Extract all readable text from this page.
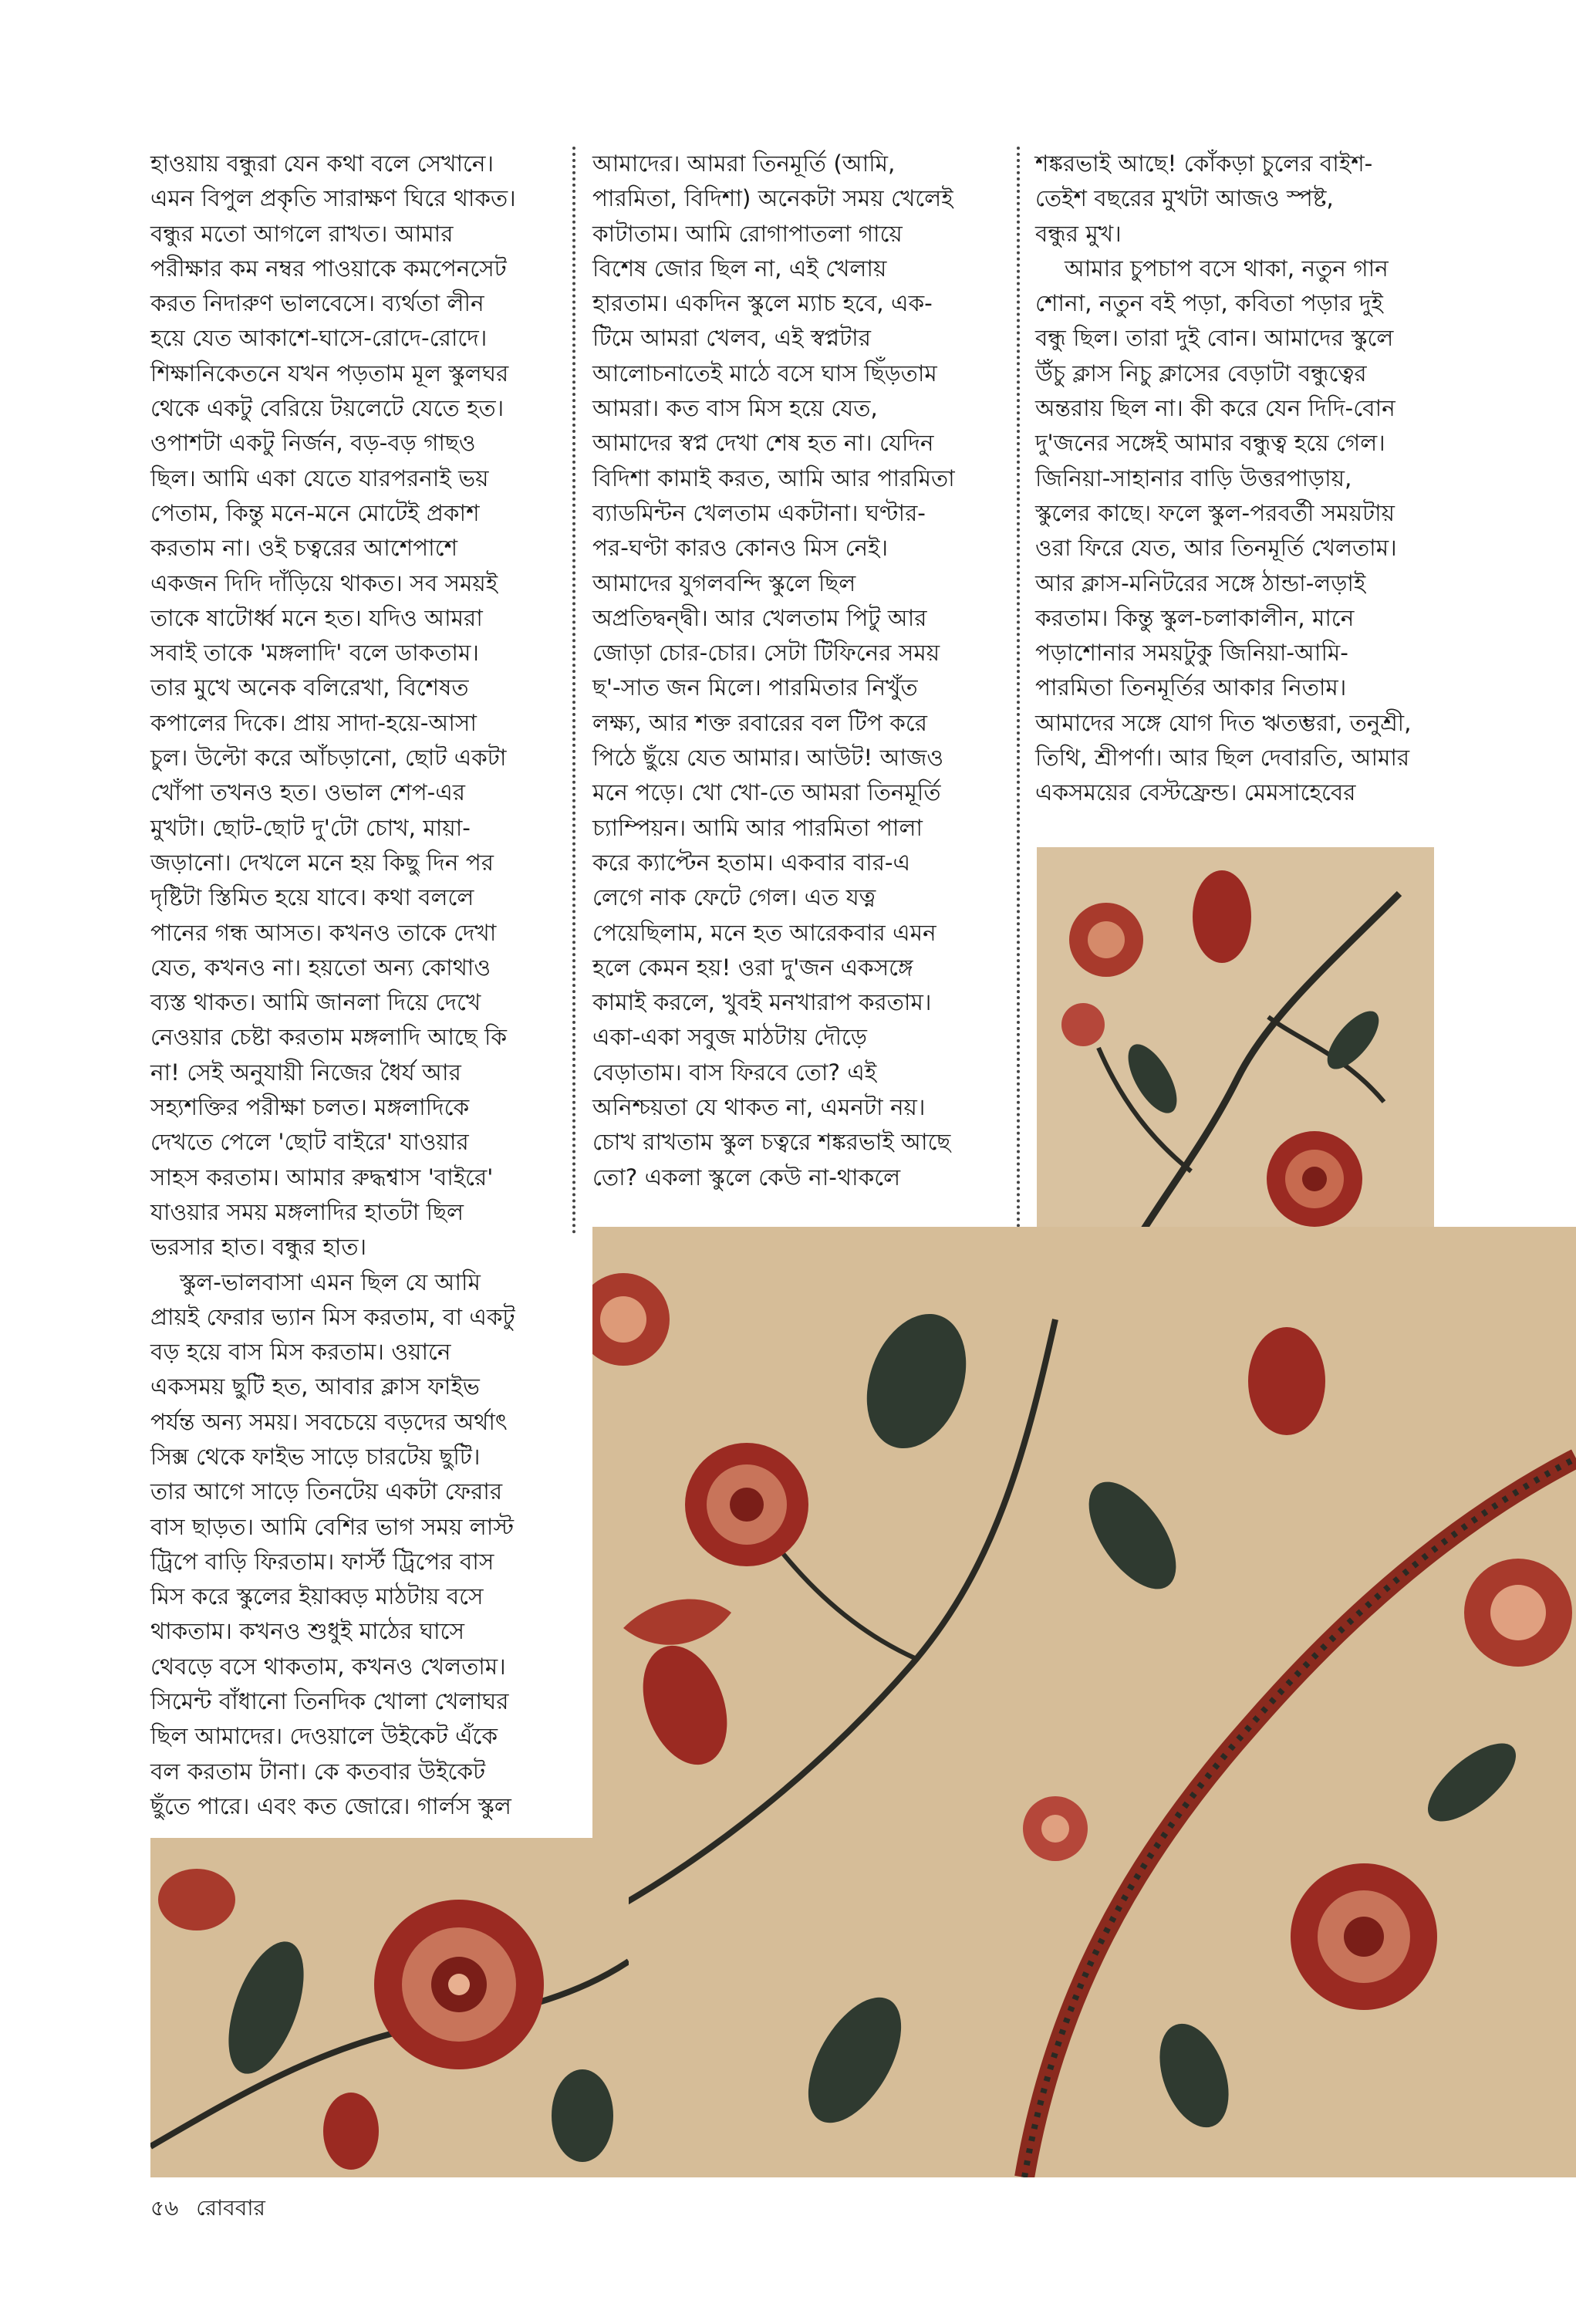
হাওয়ায় বন্ধুরা যেন কথা বলে সেখানে।
এমন বিপুল প্রকৃতি সারাক্ষণ ঘিরে থাকত।
বন্ধুর মতো আগলে রাখত। আমার
পরীক্ষার কম নম্বর পাওয়াকে কমপেনসেট
করত নিদারুণ ভালবেসে। ব্যর্থতা লীন
হয়ে যেত আকাশে-ঘাসে-রোদে-রোদে।
শিক্ষানিকেতনে যখন পড়তাম মূল স্কুলঘর
থেকে একটু বেরিয়ে টয়লেটে যেতে হত।
ওপাশটা একটু নির্জন, বড়-বড় গাছও
ছিল। আমি একা যেতে যারপরনাই ভয়
পেতাম, কিন্তু মনে-মনে মোটেই প্রকাশ
করতাম না। ওই চত্বরের আশেপাশে
একজন দিদি দাঁড়িয়ে থাকত। সব সময়ই
তাকে ষাটোর্ধ্ব মনে হত। যদিও আমরা
সবাই তাকে 'মঙ্গলাদি' বলে ডাকতাম।
তার মুখে অনেক বলিরেখা, বিশেষত
কপালের দিকে। প্রায় সাদা-হয়ে-আসা
চুল। উল্টো করে আঁচড়ানো, ছোট একটা
খোঁপা তখনও হত। ওভাল শেপ-এর
মুখটা। ছোট-ছোট দু'টো চোখ, মায়া-
জড়ানো। দেখলে মনে হয় কিছু দিন পর
দৃষ্টিটা স্তিমিত হয়ে যাবে। কথা বললে
পানের গন্ধ আসত। কখনও তাকে দেখা
যেত, কখনও না। হয়তো অন্য কোথাও
ব্যস্ত থাকত। আমি জানলা দিয়ে দেখে
নেওয়ার চেষ্টা করতাম মঙ্গলাদি আছে কি
না! সেই অনুযায়ী নিজের ধৈর্য আর
সহ্যশক্তির পরীক্ষা চলত। মঙ্গলাদিকে
দেখতে পেলে 'ছোট বাইরে' যাওয়ার
সাহস করতাম। আমার রুদ্ধশ্বাস 'বাইরে'
যাওয়ার সময় মঙ্গলাদির হাতটা ছিল
ভরসার হাত। বন্ধুর হাত।

স্কুল-ভালবাসা এমন ছিল যে আমি
প্রায়ই ফেরার ভ্যান মিস করতাম, বা একটু
বড় হয়ে বাস মিস করতাম। ওয়ানে
একসময় ছুটি হত, আবার ক্লাস ফাইভ
পর্যন্ত অন্য সময়। সবচেয়ে বড়দের অর্থাৎ
সিক্স থেকে ফাইভ সাড়ে চারটেয় ছুটি।
তার আগে সাড়ে তিনটেয় একটা ফেরার
বাস ছাড়ত। আমি বেশির ভাগ সময় লাস্ট
ট্রিপে বাড়ি ফিরতাম। ফার্স্ট ট্রিপের বাস
মিস করে স্কুলের ইয়াব্বড় মাঠটায় বসে
থাকতাম। কখনও শুধুই মাঠের ঘাসে
থেবড়ে বসে থাকতাম, কখনও খেলতাম।
সিমেন্ট বাঁধানো তিনদিক খোলা খেলাঘর
ছিল আমাদের। দেওয়ালে উইকেট এঁকে
বল করতাম টানা। কে কতবার উইকেট
ছুঁতে পারে। এবং কত জোরে। গার্লস স্কুল

আমাদের। আমরা তিনমূর্তি (আমি,
পারমিতা, বিদিশা) অনেকটা সময় খেলেই
কাটাতাম। আমি রোগাপাতলা গায়ে
বিশেষ জোর ছিল না, এই খেলায়
হারতাম। একদিন স্কুলে ম্যাচ হবে, এক-
টিমে আমরা খেলব, এই স্বপ্নটার
আলোচনাতেই মাঠে বসে ঘাস ছিঁড়তাম
আমরা। কত বাস মিস হয়ে যেত,
আমাদের স্বপ্ন দেখা শেষ হত না। যেদিন
বিদিশা কামাই করত, আমি আর পারমিতা
ব্যাডমিন্টন খেলতাম একটানা। ঘণ্টার-
পর-ঘণ্টা কারও কোনও মিস নেই।
আমাদের যুগলবন্দি স্কুলে ছিল
অপ্রতিদ্বন্দ্বী। আর খেলতাম পিটু আর
জোড়া চোর-চোর। সেটা টিফিনের সময়
ছ'-সাত জন মিলে। পারমিতার নিখুঁত
লক্ষ্য, আর শক্ত রবারের বল টিপ করে
পিঠে ছুঁয়ে যেত আমার। আউট! আজও
মনে পড়ে। খো খো-তে আমরা তিনমূর্তি
চ্যাম্পিয়ন। আমি আর পারমিতা পালা
করে ক্যাপ্টেন হতাম। একবার বার-এ
লেগে নাক ফেটে গেল। এত যত্ন
পেয়েছিলাম, মনে হত আরেকবার এমন
হলে কেমন হয়! ওরা দু'জন একসঙ্গে
কামাই করলে, খুবই মনখারাপ করতাম।
একা-একা সবুজ মাঠটায় দৌড়ে
বেড়াতাম। বাস ফিরবে তো? এই
অনিশ্চয়তা যে থাকত না, এমনটা নয়।
চোখ রাখতাম স্কুল চত্বরে শঙ্করভাই আছে
তো? একলা স্কুলে কেউ না-থাকলে

শঙ্করভাই আছে! কোঁকড়া চুলের বাইশ-
তেইশ বছরের মুখটা আজও স্পষ্ট,
বন্ধুর মুখ।

আমার চুপচাপ বসে থাকা, নতুন গান
শোনা, নতুন বই পড়া, কবিতা পড়ার দুই
বন্ধু ছিল। তারা দুই বোন। আমাদের স্কুলে
উঁচু ক্লাস নিচু ক্লাসের বেড়াটা বন্ধুত্বের
অন্তরায় ছিল না। কী করে যেন দিদি-বোন
দু'জনের সঙ্গেই আমার বন্ধুত্ব হয়ে গেল।
জিনিয়া-সাহানার বাড়ি উত্তরপাড়ায়,
স্কুলের কাছে। ফলে স্কুল-পরবর্তী সময়টায়
ওরা ফিরে যেত, আর তিনমূর্তি খেলতাম।
আর ক্লাস-মনিটরের সঙ্গে ঠান্ডা-লড়াই
করতাম। কিন্তু স্কুল-চলাকালীন, মানে
পড়াশোনার সময়টুকু জিনিয়া-আমি-
পারমিতা তিনমূর্তির আকার নিতাম।
আমাদের সঙ্গে যোগ দিত ঋতম্ভরা, তনুশ্রী,
তিথি, শ্রীপর্ণা। আর ছিল দেবারতি, আমার
একসময়ের বেস্টফ্রেন্ড। মেমসাহেবের

৫৬ রোববার
